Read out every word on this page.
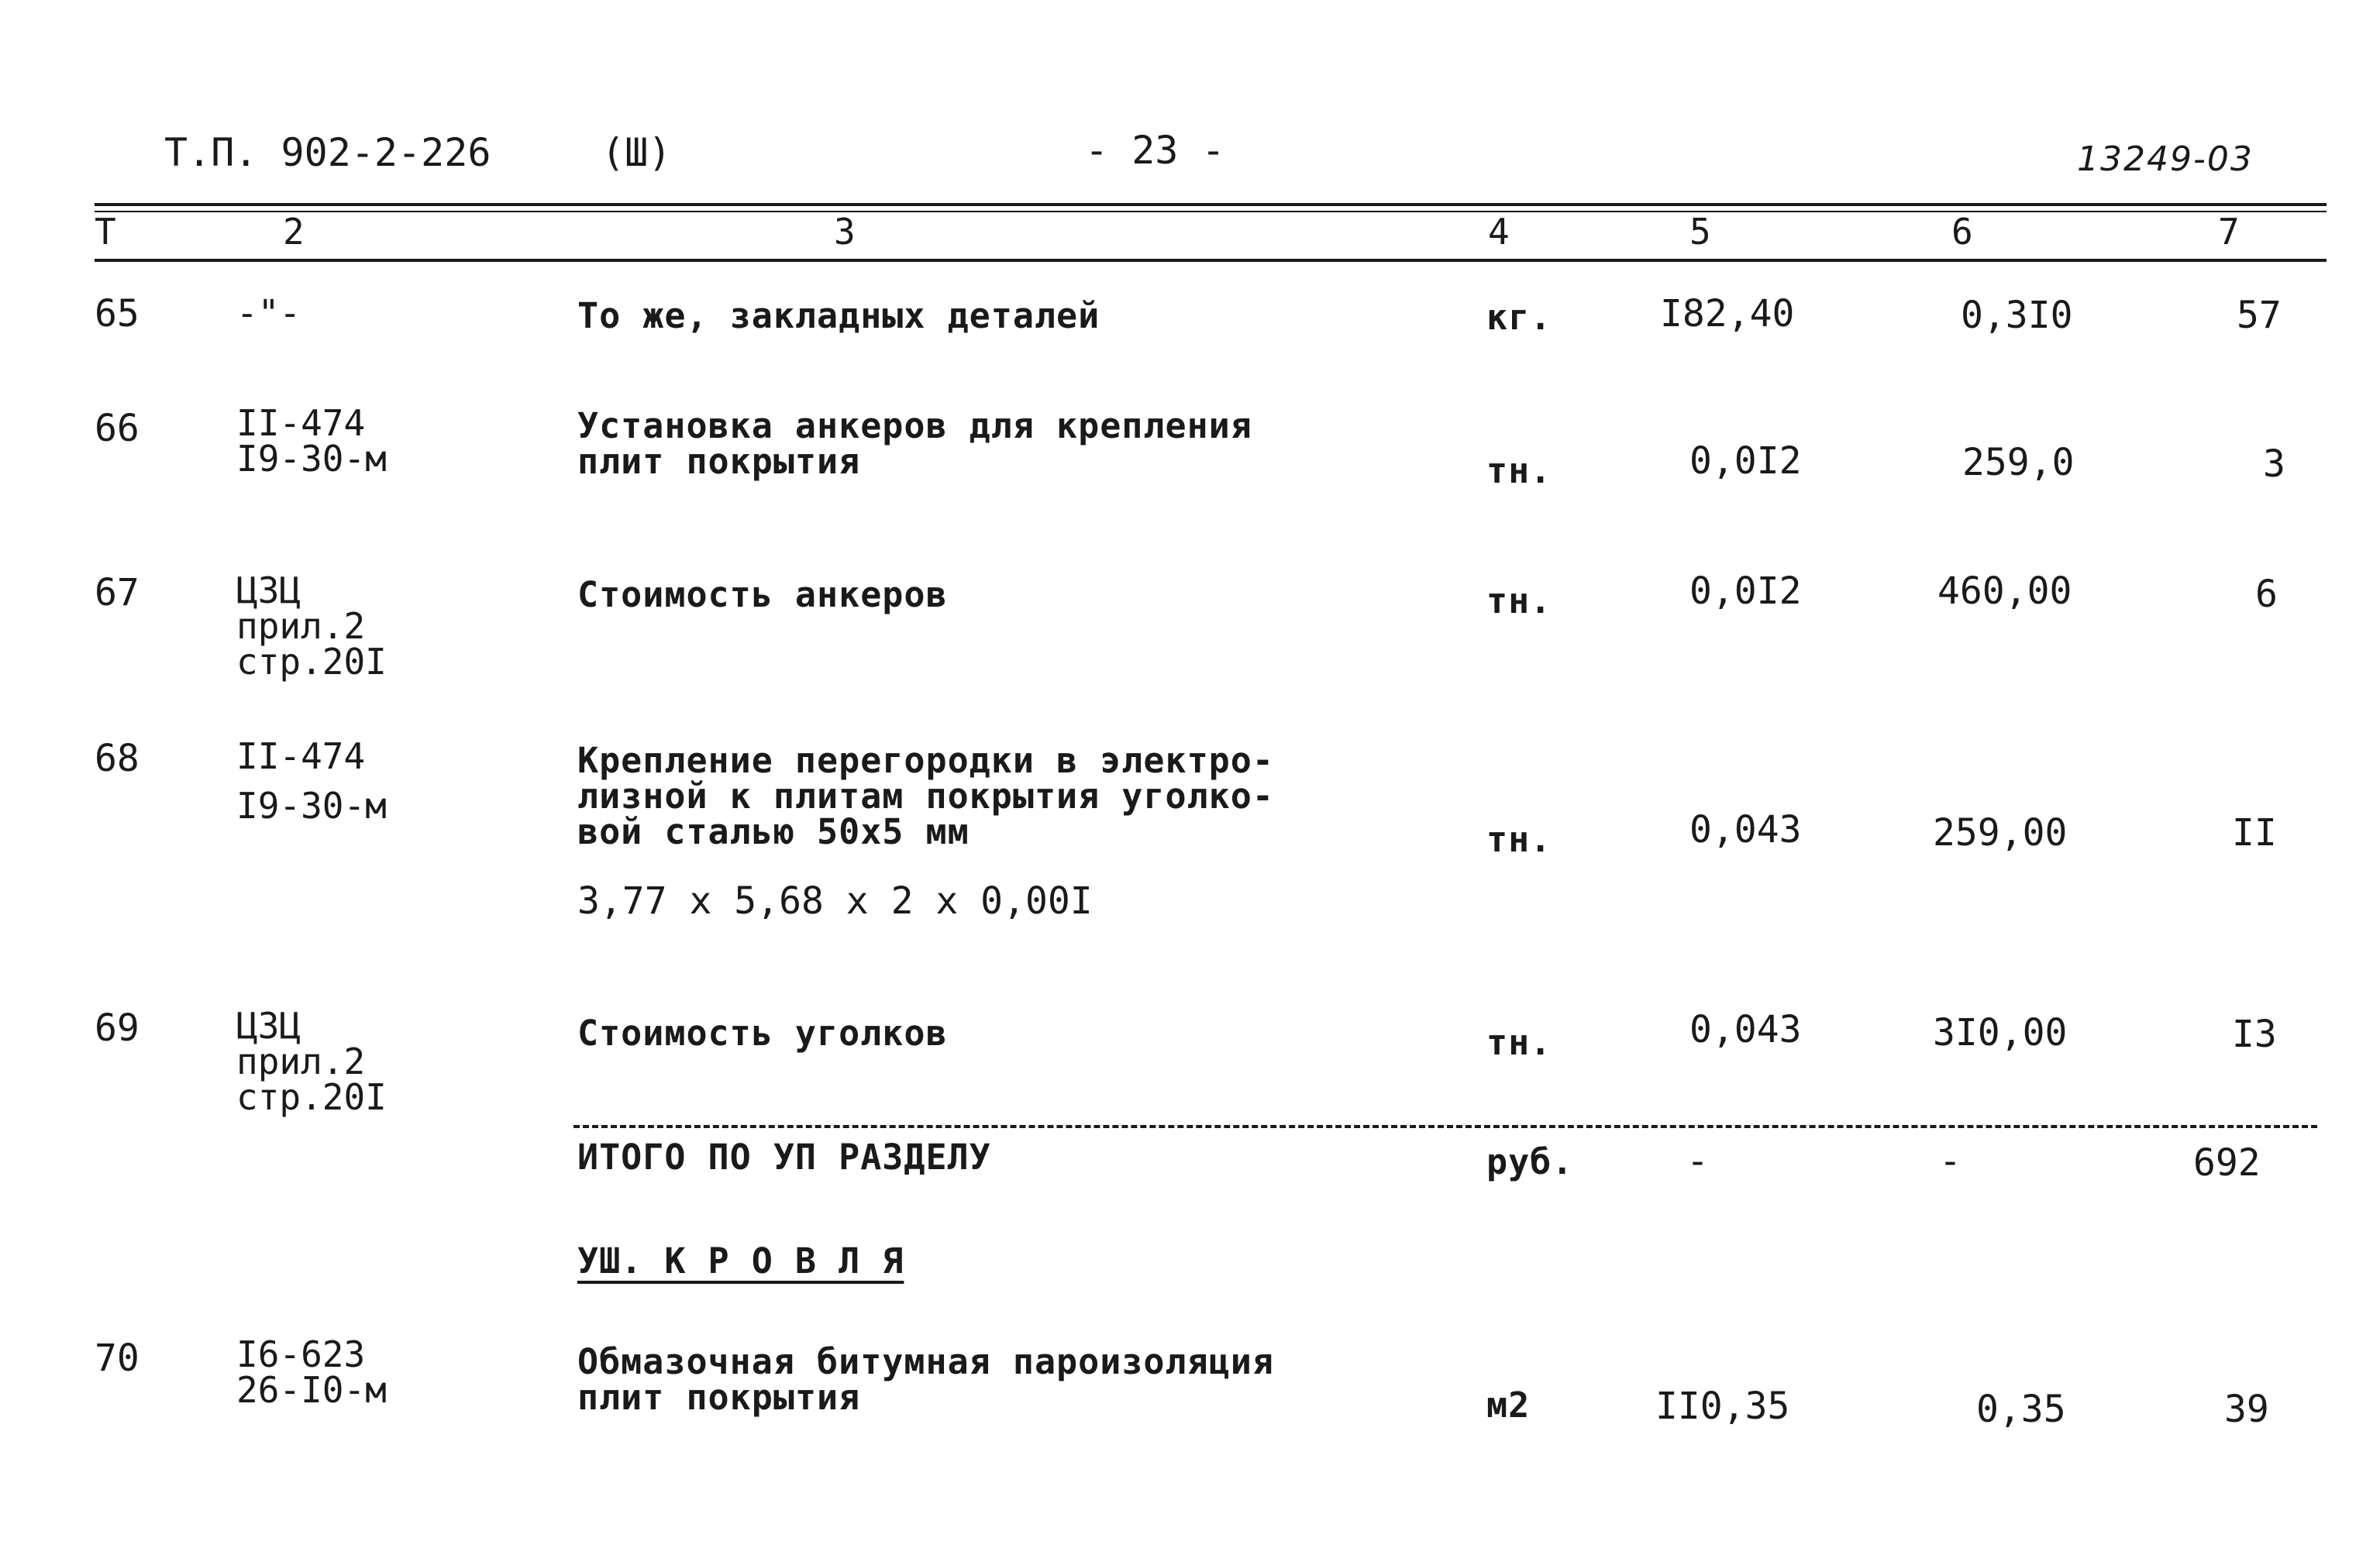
Т.П. 902-2-226	(Ш)	- 23 -	13249-03
Т	2	3	4	5	6	7
65	-"-	То же, закладных деталей	кг.	I82,40	0,3I0	57
66	II-474
I9-30-м
Установка анкеров для крепления
плит покрытия	тн.	0,0I2	259,0	3
67	ЦЗЦ
прил.2
стр.20I
Стоимость анкеров	тн.	0,0I2	460,00	6
68	II-474
I9-30-м
Крепление перегородки в электро-
лизной к плитам покрытия уголко-
вой сталью 50х5 мм
3,77 х 5,68 х 2 х 0,00I
тн.	0,043	259,00	II
69	ЦЗЦ
прил.2
стр.20I
Стоимость уголков	тн.	0,043	3I0,00	I3
ИТОГО ПО УП РАЗДЕЛУ	руб.	-	-	692
УШ. К Р О В Л Я
70	I6-623
26-I0-м
Обмазочная битумная пароизоляция
плит покрытия	м2	II0,35	0,35	39
